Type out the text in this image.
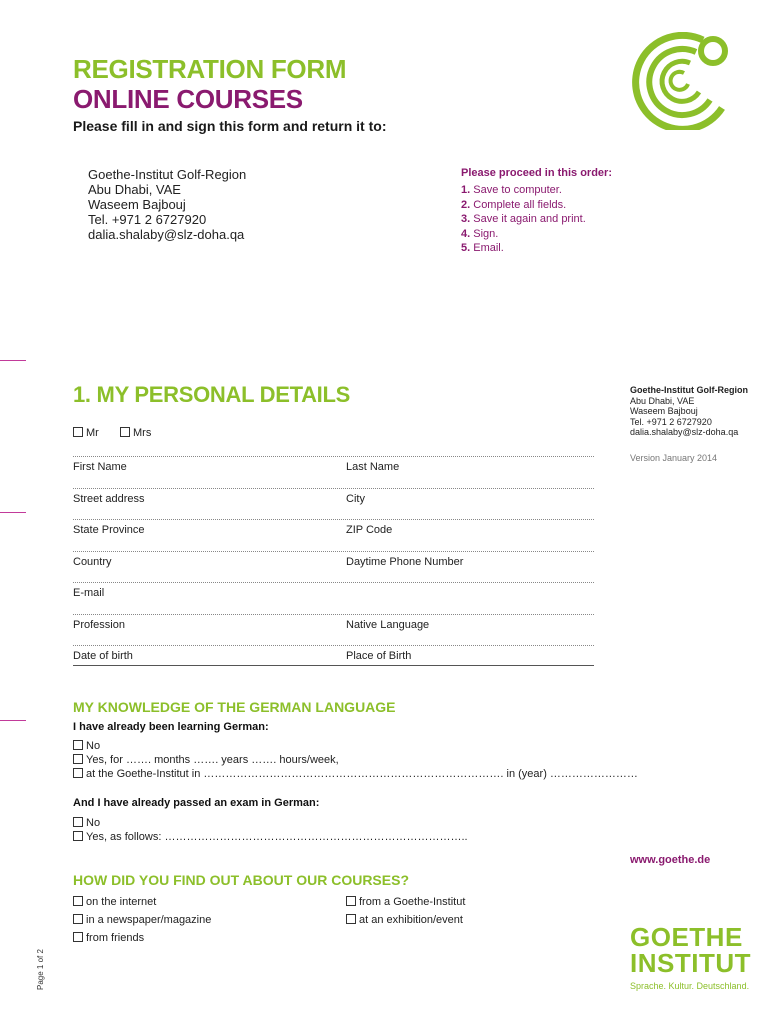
REGISTRATION FORM
ONLINE COURSES
Please fill in and sign this form and return it to:
Goethe-Institut Golf-Region
Abu Dhabi, VAE
Waseem Bajbouj
Tel. +971 2 6727920
dalia.shalaby@slz-doha.qa
Please proceed in this order:
1. Save to computer.
2. Complete all fields.
3. Save it again and print.
4. Sign.
5. Email.
1. MY PERSONAL DETAILS	Goethe-Institut Golf-Region
Abu Dhabi, VAE
Waseem Bajbouj
Tel. +971 2 6727920
dalia.shalaby@slz-doha.qa
Version January 2014
Mr	Mrs
First Name	Last Name
Street address	City
State Province	ZIP Code
Country	Daytime Phone Number
E-mail
Profession	Native Language
Date of birth	Place of Birth
MY KNOWLEDGE OF THE GERMAN LANGUAGE
I have already been learning German:
No
Yes, for ……. months ……. years ……. hours/week,
at the Goethe-Institut in ………………………………………………………………………. in (year) ……………………
And I have already passed an exam in German:
No
Yes, as follows: ………………………………………………………………………..
www.goethe.de
HOW DID YOU FIND OUT ABOUT OUR COURSES?
on the internet
in a newspaper/magazine
from friends
from a Goethe-Institut
at an exhibition/event
Page 1 of 2
GOETHE
INSTITUT
Sprache. Kultur. Deutschland.
